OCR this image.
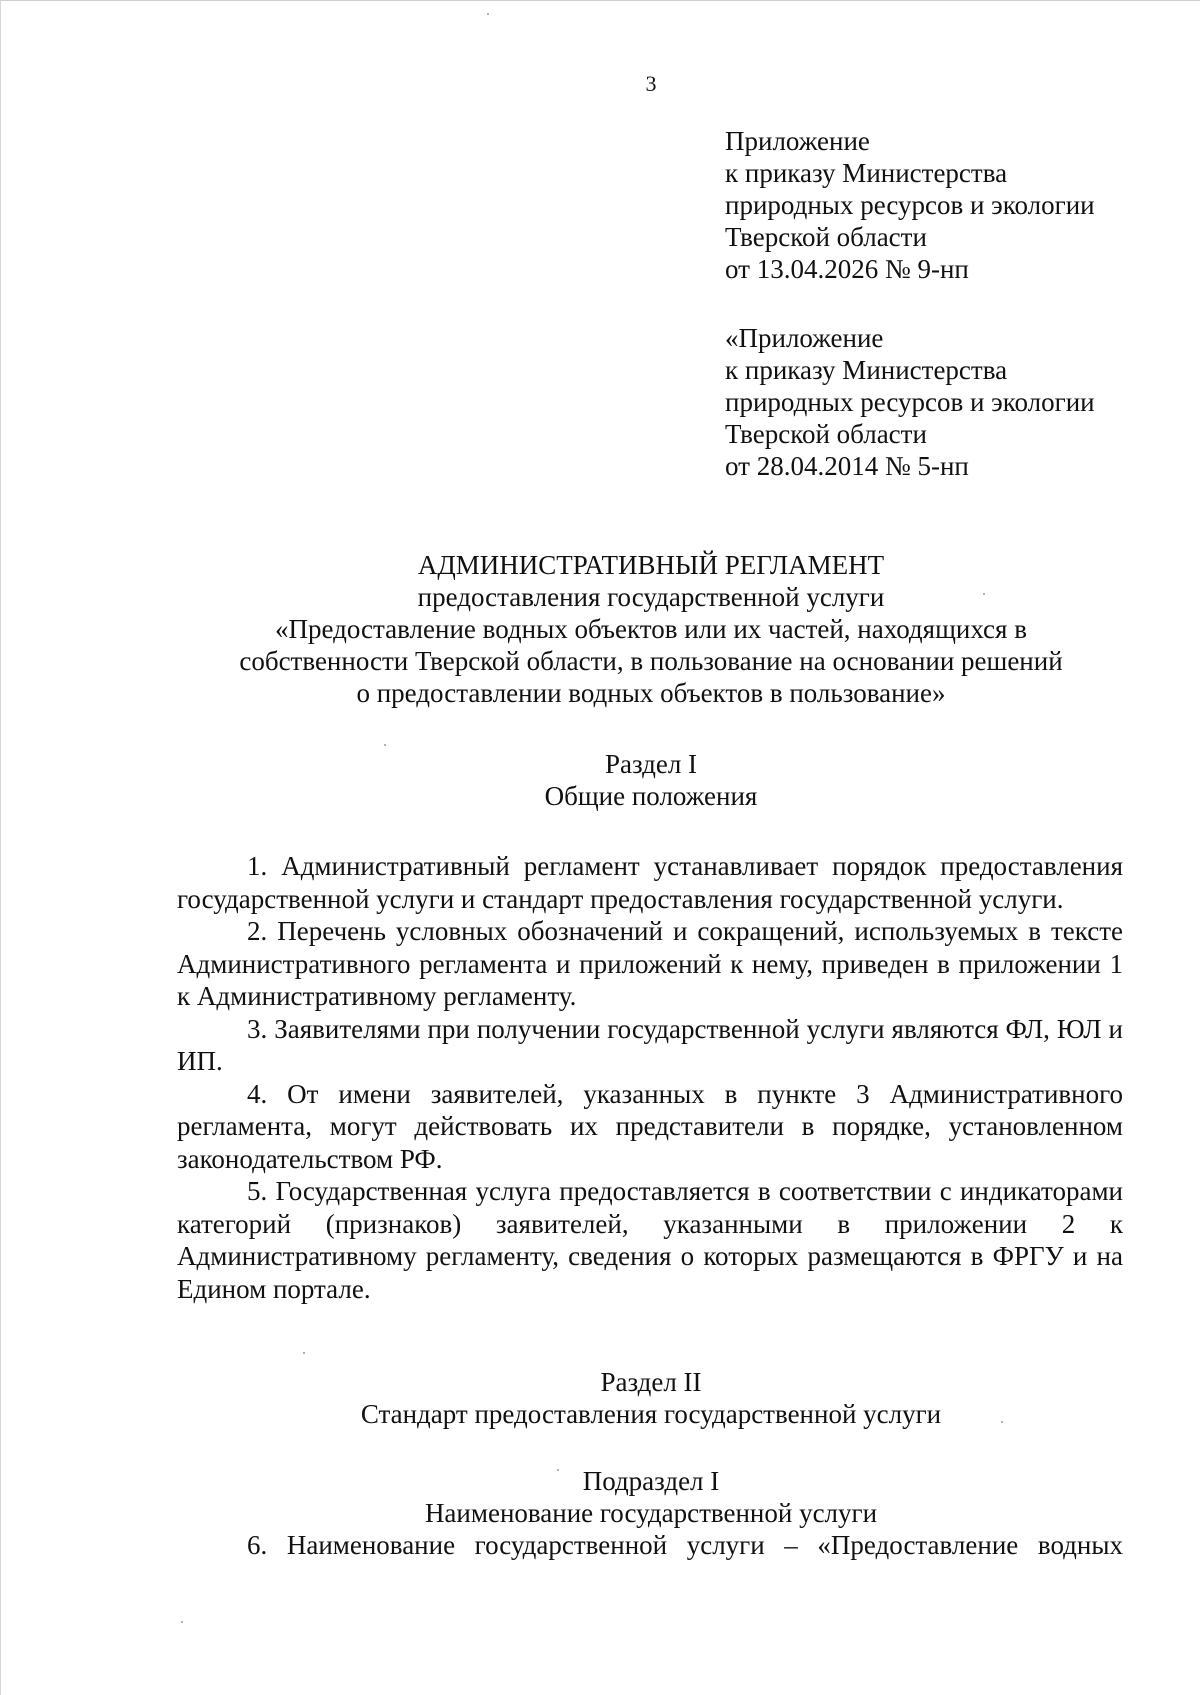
3
Приложение
к приказу Министерства
природных ресурсов и экологии
Тверской области
от 13.04.2026 № 9-нп
«Приложение
к приказу Министерства
природных ресурсов и экологии
Тверской области
от 28.04.2014 № 5-нп
АДМИНИСТРАТИВНЫЙ РЕГЛАМЕНТ
предоставления государственной услуги
«Предоставление водных объектов или их частей, находящихся в
собственности Тверской области, в пользование на основании решений
о предоставлении водных объектов в пользование»
Раздел I
Общие положения

1. Административный регламент устанавливает порядок предоставления государственной услуги и стандарт предоставления государственной услуги.

2. Перечень условных обозначений и сокращений, используемых в тексте Административного регламента и приложений к нему, приведен в приложении 1 к Административному регламенту.

3. Заявителями при получении государственной услуги являются ФЛ, ЮЛ и ИП.

4. От имени заявителей, указанных в пункте 3 Административного регламента, могут действовать их представители в порядке, установленном законодательством РФ.

5. Государственная услуга предоставляется в соответствии с индикаторами категорий (признаков) заявителей, указанными в приложении 2 к Административному регламенту, сведения о которых размещаются в ФРГУ и на Едином портале.

Раздел II
Стандарт предоставления государственной услуги
Подраздел I
Наименование государственной услуги
6. Наименование государственной услуги – «Предоставление водных
